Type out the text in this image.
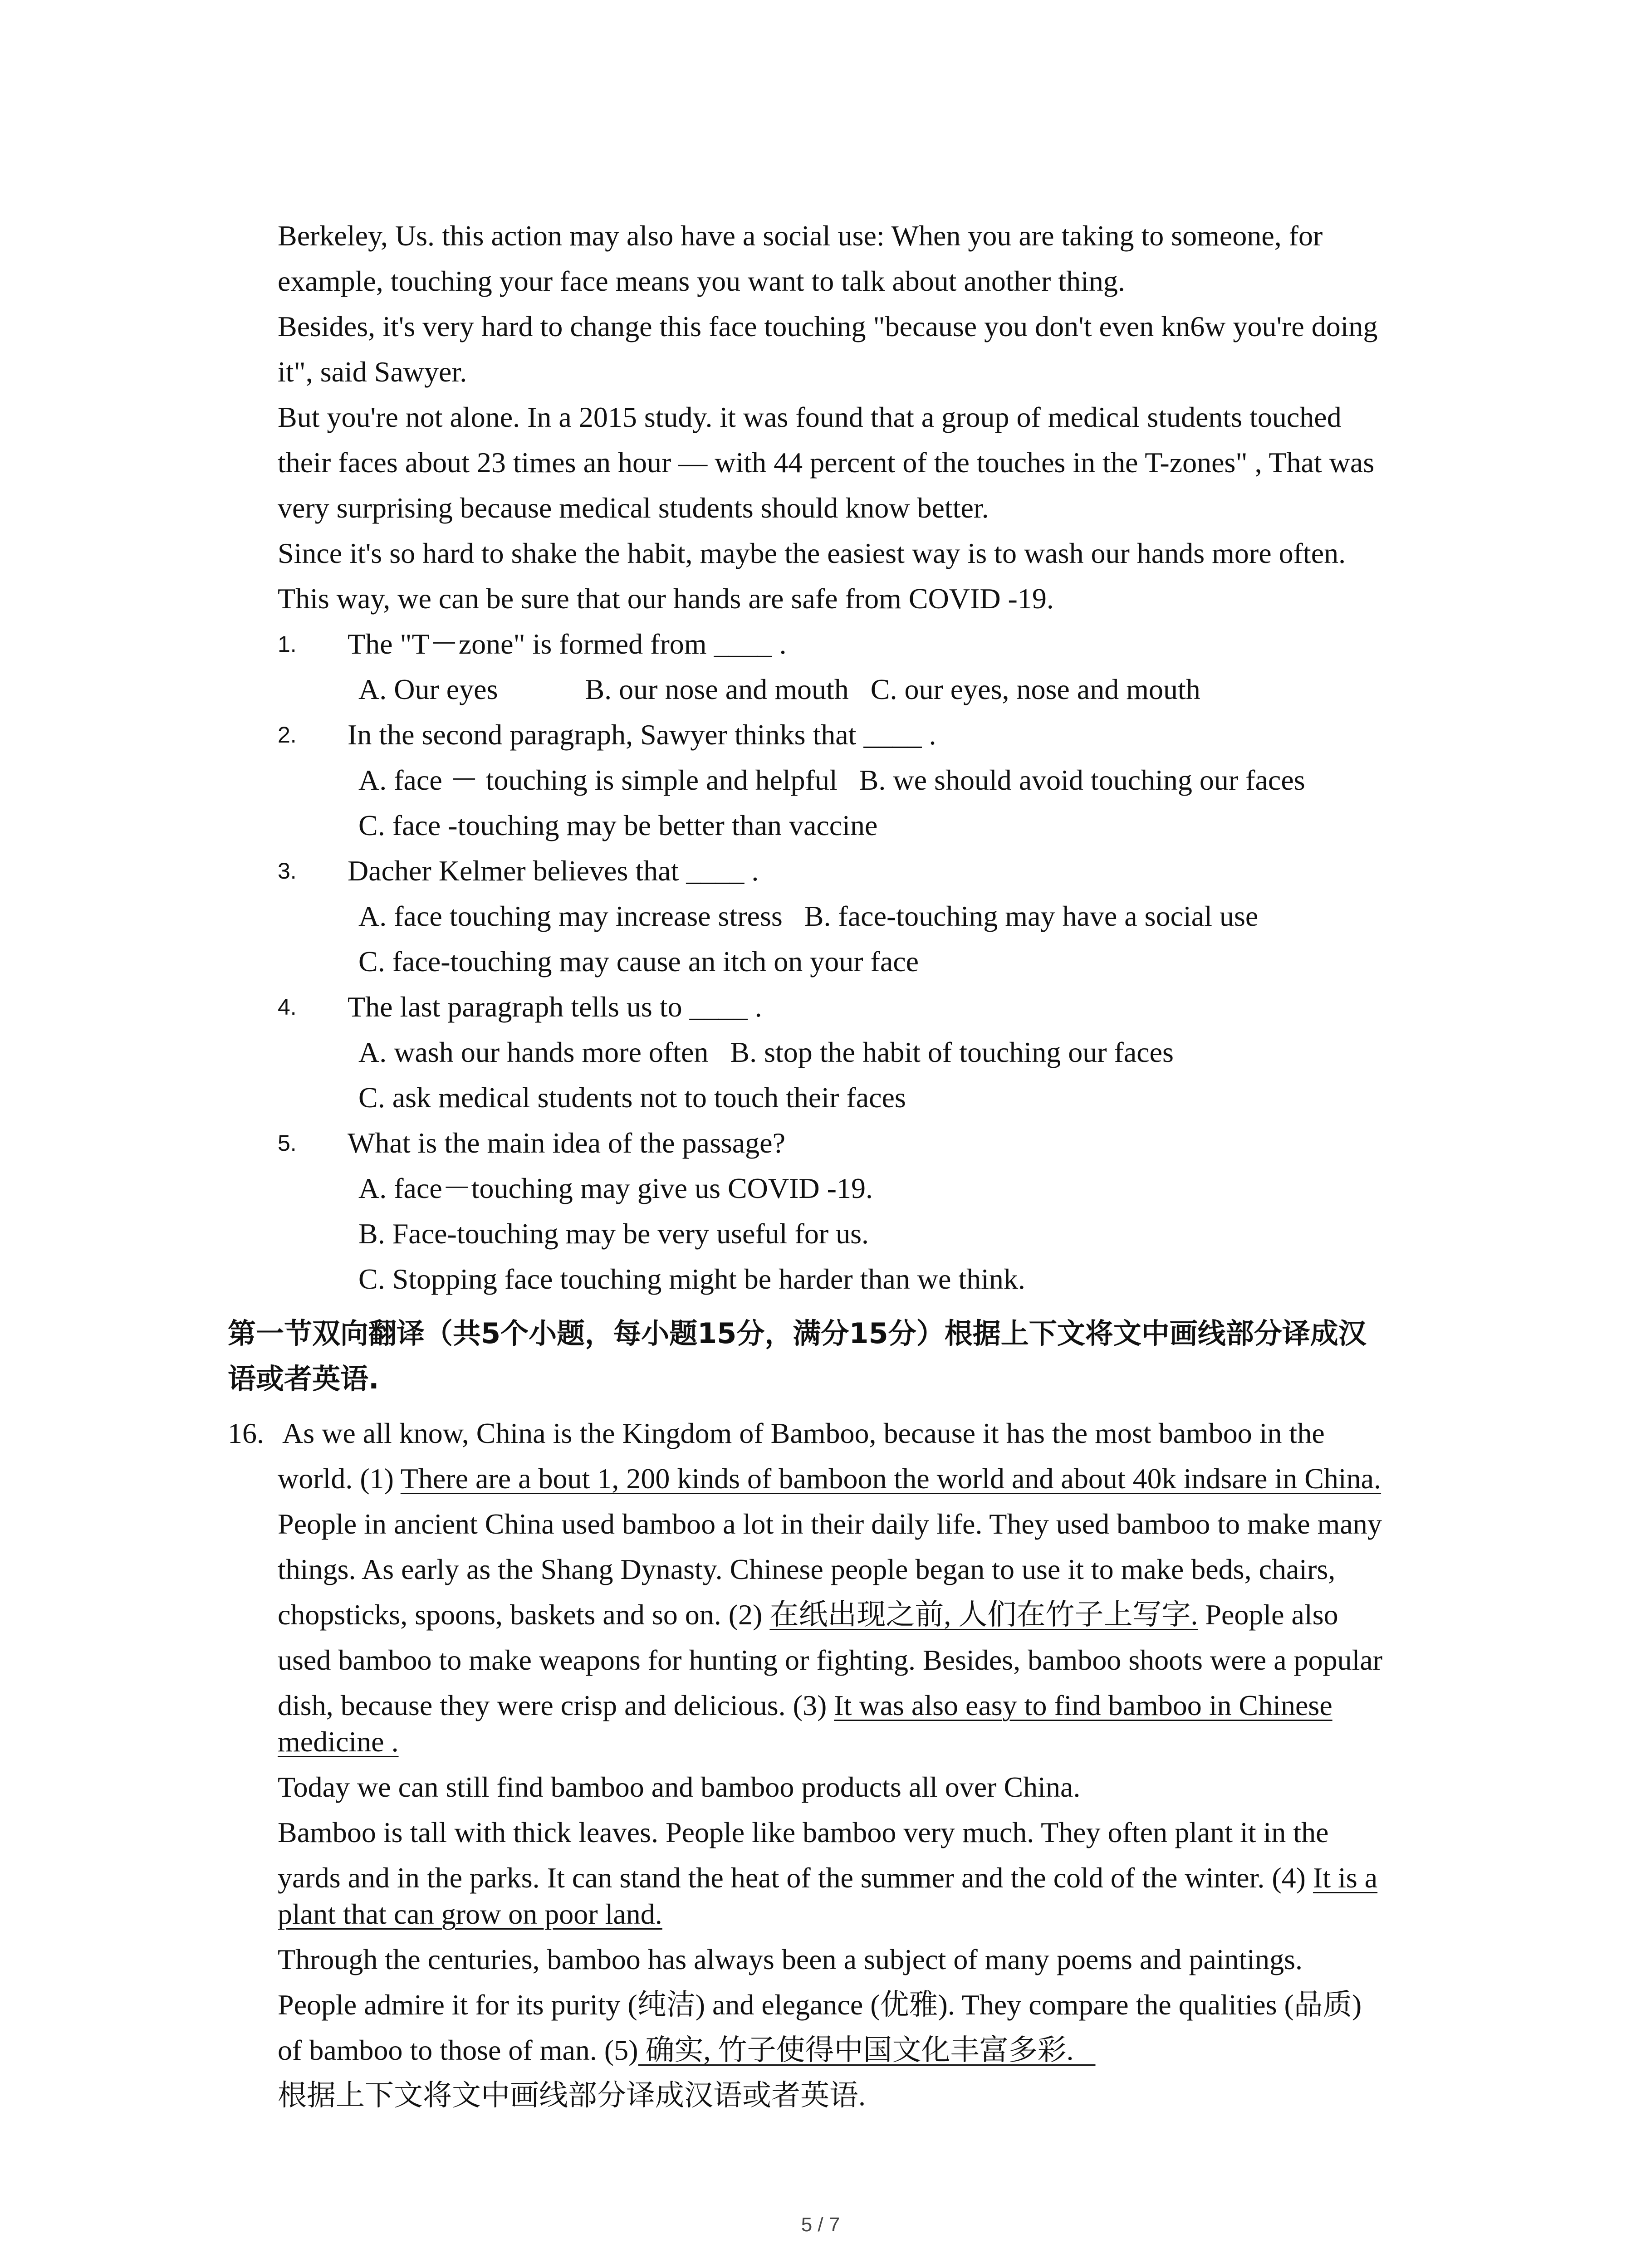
Berkeley, Us. this action may also have a social use: When you are taking to someone, for
example, touching your face means you want to talk about another thing.
Besides, it's very hard to change this face touching "because you don't even kn6w you're doing
it", said Sawyer.
But you're not alone. In a 2015 study. it was found that a group of medical students touched
their faces about 23 times an hour — with 44 percent of the touches in the T-zones" , That was
very surprising because medical students should know better.
Since it's so hard to shake the habit, maybe the easiest way is to wash our hands more often.
This way, we can be sure that our hands are safe from COVID -19.
1. The "T－zone" is formed from ____ .
A. Our eyes            B. our nose and mouth   C. our eyes, nose and mouth
2. In the second paragraph, Sawyer thinks that ____ .
A. face － touching is simple and helpful   B. we should avoid touching our faces
C. face -touching may be better than vaccine
3. Dacher Kelmer believes that ____ .
A. face touching may increase stress   B. face-touching may have a social use
C. face-touching may cause an itch on your face
4. The last paragraph tells us to ____ .
A. wash our hands more often   B. stop the habit of touching our faces
C. ask medical students not to touch their faces
5. What is the main idea of the passage?
A. face－touching may give us COVID -19.
B. Face-touching may be very useful for us.
C. Stopping face touching might be harder than we think.
第一节双向翻译（共5个小题，每小题15分，满分15分）根据上下文将文中画线部分译成汉
语或者英语.
16. As we all know, China is the Kingdom of Bamboo, because it has the most bamboo in the
world. (1) There are a bout 1, 200 kinds of bamboon the world and about 40k indsare in China.
People in ancient China used bamboo a lot in their daily life. They used bamboo to make many
things. As early as the Shang Dynasty. Chinese people began to use it to make beds, chairs,
chopsticks, spoons, baskets and so on. (2) 在纸出现之前, 人们在竹子上写字. People also
used bamboo to make weapons for hunting or fighting. Besides, bamboo shoots were a popular
dish, because they were crisp and delicious. (3) It was also easy to find bamboo in Chinese
medicine .
Today we can still find bamboo and bamboo products all over China.
Bamboo is tall with thick leaves. People like bamboo very much. They often plant it in the
yards and in the parks. It can stand the heat of the summer and the cold of the winter. (4) It is a
plant that can grow on poor land.
Through the centuries, bamboo has always been a subject of many poems and paintings.
People admire it for its purity (纯洁) and elegance (优雅). They compare the qualities (品质)
of bamboo to those of man. (5) 确实, 竹子使得中国文化丰富多彩.
根据上下文将文中画线部分译成汉语或者英语.
5 / 7
